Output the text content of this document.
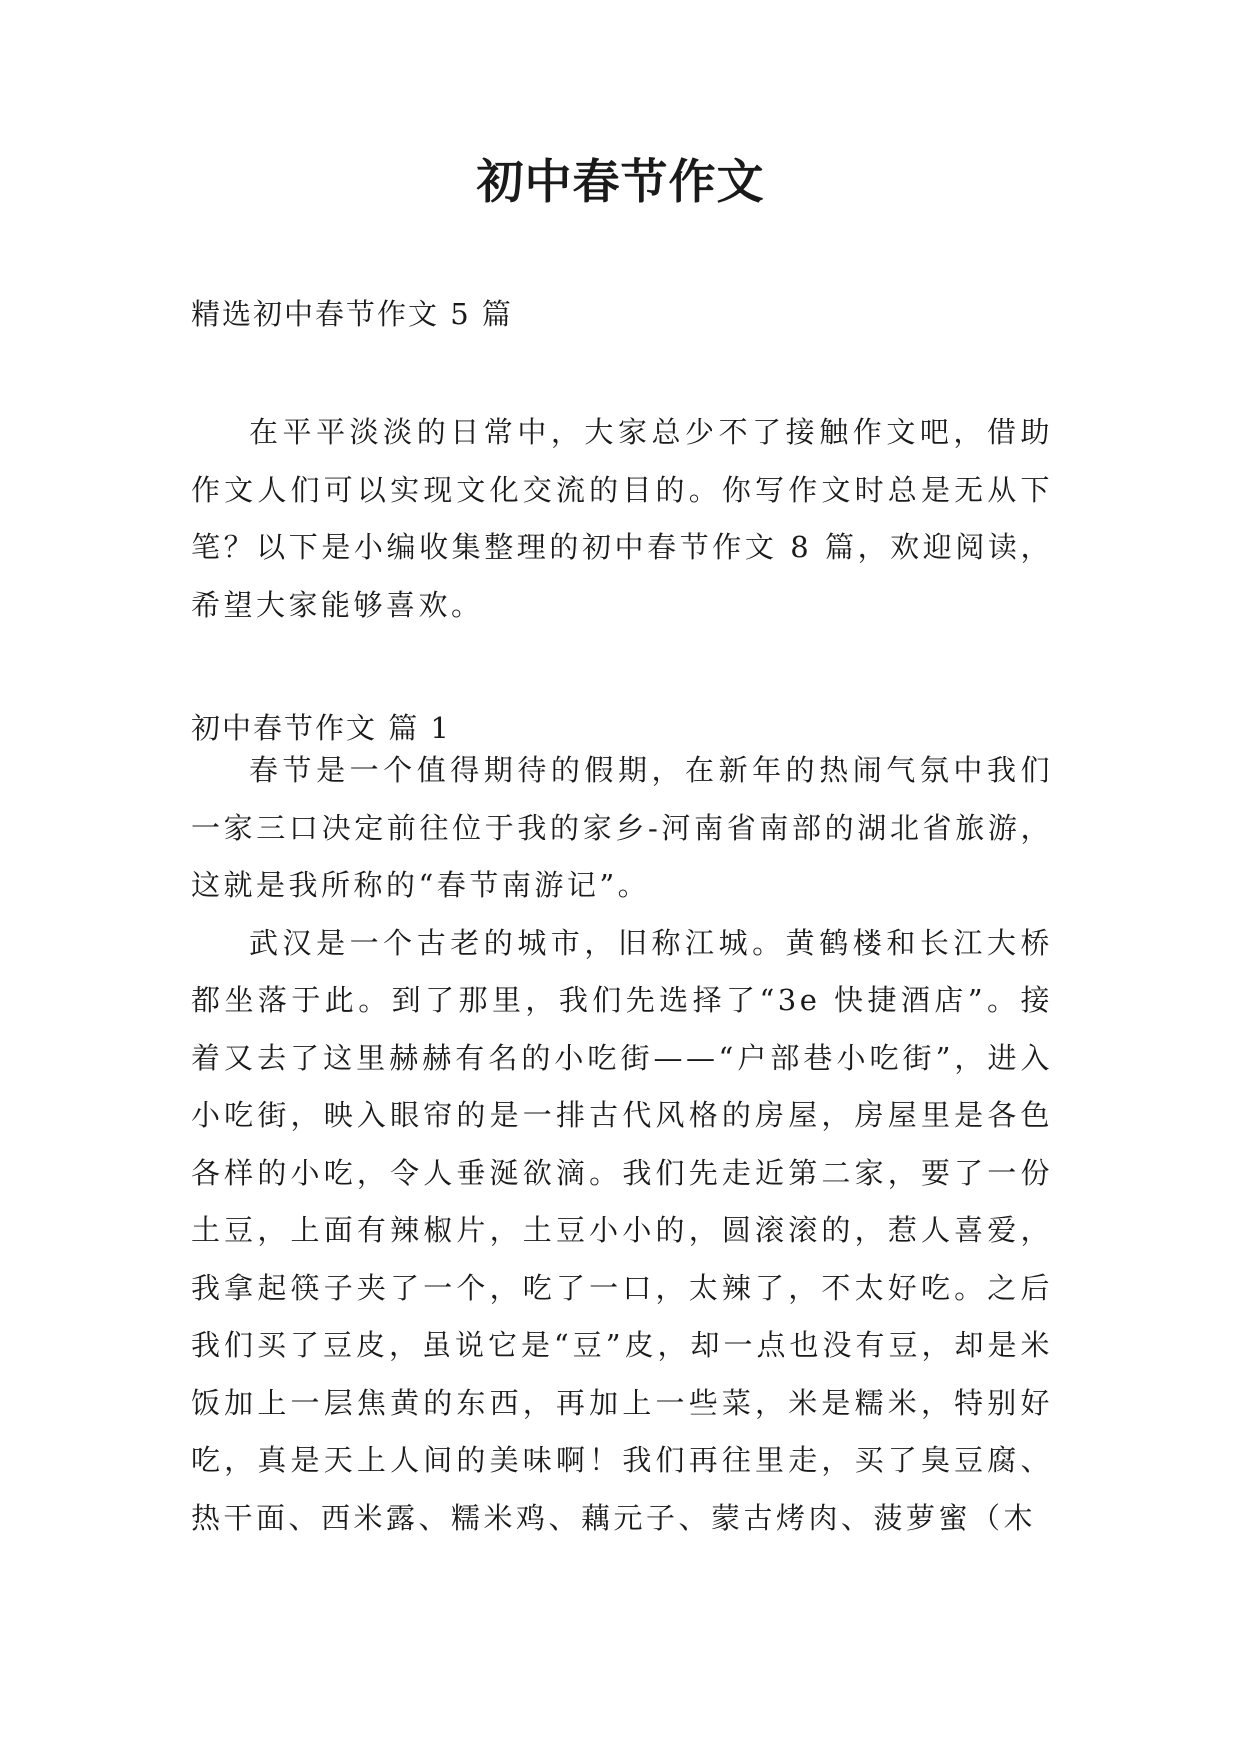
初中春节作文
精选初中春节作文 5 篇

在平平淡淡的日常中，大家总少不了接触作文吧，借助作文人们可以实现文化交流的目的。你写作文时总是无从下笔？以下是小编收集整理的初中春节作文 8 篇，欢迎阅读，希望大家能够喜欢。

初中春节作文 篇 1

春节是一个值得期待的假期，在新年的热闹气氛中我们一家三口决定前往位于我的家乡-河南省南部的湖北省旅游，这就是我所称的“春节南游记”。

武汉是一个古老的城市，旧称江城。黄鹤楼和长江大桥都坐落于此。到了那里，我们先选择了“3e 快捷酒店”。接着又去了这里赫赫有名的小吃街——“户部巷小吃街”，进入小吃街，映入眼帘的是一排古代风格的房屋，房屋里是各色各样的小吃，令人垂涎欲滴。我们先走近第二家，要了一份土豆，上面有辣椒片，土豆小小的，圆滚滚的，惹人喜爱，我拿起筷子夹了一个，吃了一口，太辣了，不太好吃。之后我们买了豆皮，虽说它是“豆”皮，却一点也没有豆，却是米饭加上一层焦黄的东西，再加上一些菜，米是糯米，特别好吃，真是天上人间的美味啊！我们再往里走，买了臭豆腐、热干面、西米露、糯米鸡、藕元子、蒙古烤肉、菠萝蜜（木
